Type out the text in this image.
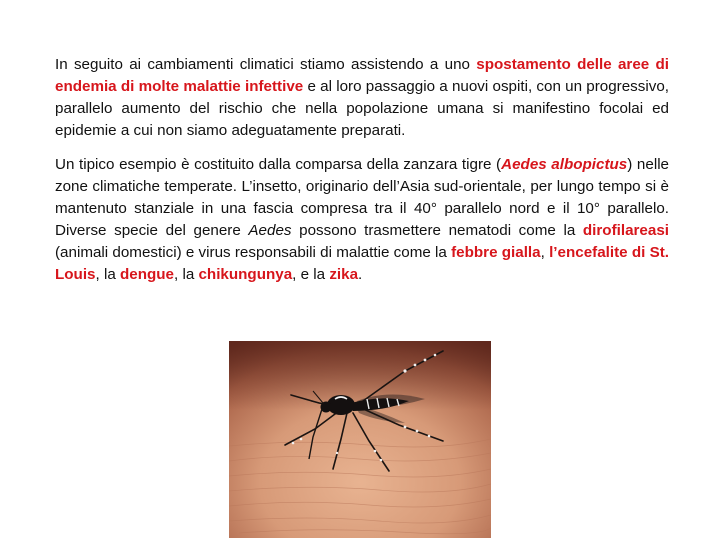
In seguito ai cambiamenti climatici stiamo assistendo a uno spostamento delle aree di endemia di molte malattie infettive e al loro passaggio a nuovi ospiti, con un progressivo, parallelo aumento del rischio che nella popolazione umana si manifestino focolai ed epidemie a cui non siamo adeguatamente preparati.

Un tipico esempio è costituito dalla comparsa della zanzara tigre (Aedes albopictus) nelle zone climatiche temperate. L’insetto, originario dell’Asia sud-orientale, per lungo tempo si è mantenuto stanziale in una fascia compresa tra il 40° parallelo nord e il 10° parallelo. Diverse specie del genere Aedes possono trasmettere nematodi come la dirofilareasi (animali domestici) e virus responsabili di malattie come la febbre gialla, l’encefalite di St. Louis, la dengue, la chikungunya, e la zika.
